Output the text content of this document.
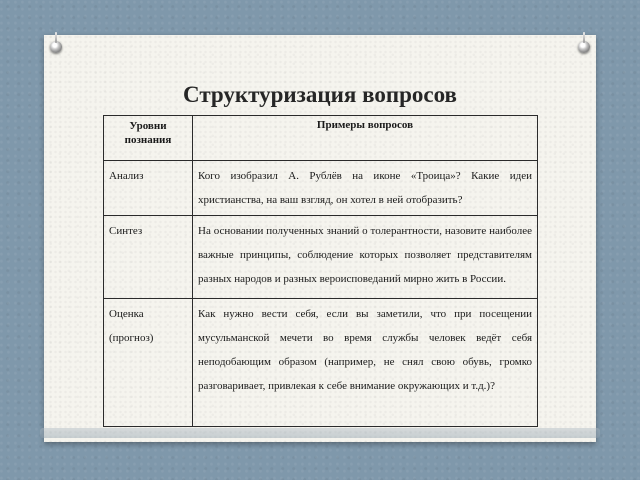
Структуризация вопросов
Уровни познания	Примеры вопросов
Анализ	Кого изобразил А. Рублёв на иконе «Троица»? Какие идеи христианства, на ваш взгляд, он хотел в ней отобразить?
Синтез	На основании полученных знаний о толерантности, назовите наиболее важные принципы, соблюдение которых позволяет представителям разных народов и разных вероисповеданий мирно жить в России.
Оценка (прогноз)	Как нужно вести себя, если вы заметили, что при посещении мусульманской мечети во время службы человек ведёт себя неподобающим образом (например, не снял свою обувь, громко разговаривает, привлекая к себе внимание окружающих и т.д.)?
